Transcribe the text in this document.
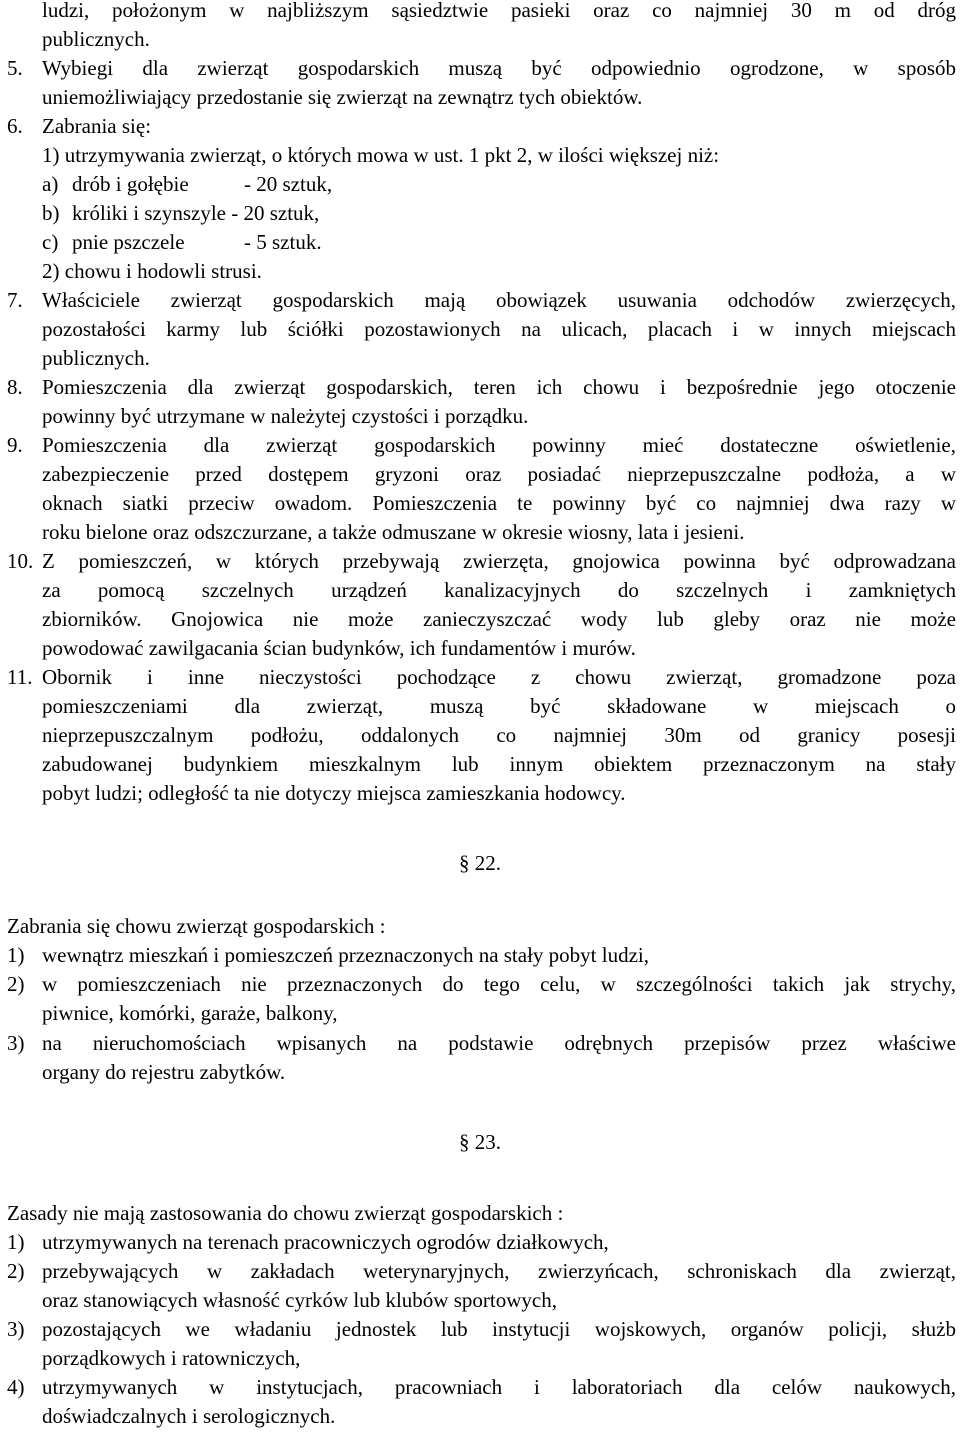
ludzi, położonym w najbliższym sąsiedztwie pasieki oraz co najmniej 30 m od dróg
publicznych.
5. Wybiegi dla zwierząt gospodarskich muszą być odpowiednio ogrodzone, w sposób
uniemożliwiający przedostanie się zwierząt na zewnątrz tych obiektów.
6. Zabrania się:
1) utrzymywania zwierząt, o których mowa w ust. 1 pkt 2, w ilości większej niż:
a) drób i gołębie	- 20 sztuk,
b) króliki i szynszyle - 20 sztuk,
c) pnie pszczele	- 5 sztuk.
2) chowu i hodowli strusi.
7. Właściciele zwierząt gospodarskich mają obowiązek usuwania odchodów zwierzęcych,
pozostałości karmy lub ściółki pozostawionych na ulicach, placach i w innych miejscach
publicznych.
8. Pomieszczenia dla zwierząt gospodarskich, teren ich chowu i bezpośrednie jego otoczenie
powinny być utrzymane w należytej czystości i porządku.
9. Pomieszczenia dla zwierząt gospodarskich powinny mieć dostateczne oświetlenie,
zabezpieczenie przed dostępem gryzoni oraz posiadać nieprzepuszczalne podłoża, a w
oknach siatki przeciw owadom. Pomieszczenia te powinny być co najmniej dwa razy w
roku bielone oraz odszczurzane, a także odmuszane w okresie wiosny, lata i jesieni.
10. Z pomieszczeń, w których przebywają zwierzęta, gnojowica powinna być odprowadzana
za pomocą szczelnych urządzeń kanalizacyjnych do szczelnych i zamkniętych
zbiorników. Gnojowica nie może zanieczyszczać wody lub gleby oraz nie może
powodować zawilgacania ścian budynków, ich fundamentów i murów.
11. Obornik i inne nieczystości pochodzące z chowu zwierząt, gromadzone poza
pomieszczeniami dla zwierząt, muszą być składowane w miejscach o
nieprzepuszczalnym podłożu, oddalonych co najmniej 30m od granicy posesji
zabudowanej budynkiem mieszkalnym lub innym obiektem przeznaczonym na stały
pobyt ludzi; odległość ta nie dotyczy miejsca zamieszkania hodowcy.
§ 22.
Zabrania się chowu zwierząt gospodarskich :
1) wewnątrz mieszkań i pomieszczeń przeznaczonych na stały pobyt ludzi,
2) w pomieszczeniach nie przeznaczonych do tego celu, w szczególności takich jak strychy,
piwnice, komórki, garaże, balkony,
3) na nieruchomościach wpisanych na podstawie odrębnych przepisów przez właściwe
organy do rejestru zabytków.
§ 23.
Zasady nie mają zastosowania do chowu zwierząt gospodarskich :
1) utrzymywanych na terenach pracowniczych ogrodów działkowych,
2) przebywających w zakładach weterynaryjnych, zwierzyńcach, schroniskach dla zwierząt,
oraz stanowiących własność cyrków lub klubów sportowych,
3) pozostających we władaniu jednostek lub instytucji wojskowych, organów policji, służb
porządkowych i ratowniczych,
4) utrzymywanych w instytucjach, pracowniach i laboratoriach dla celów naukowych,
doświadczalnych i serologicznych.
